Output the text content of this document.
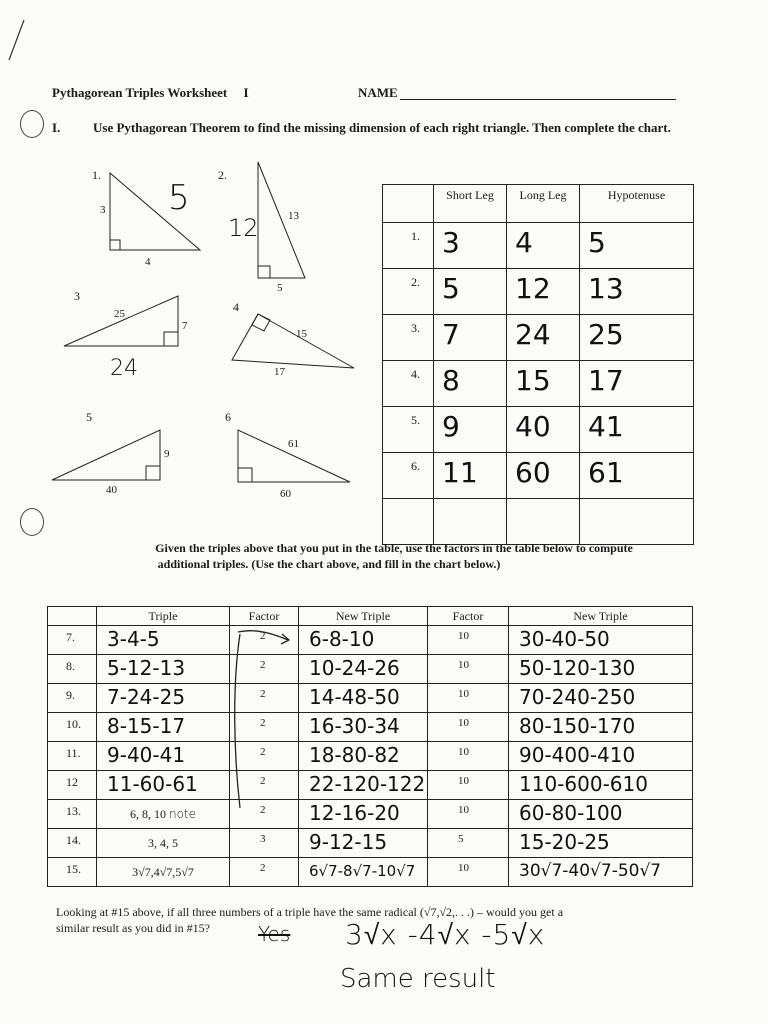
Pythagorean Triples Worksheet I	NAME
I.	Use Pythagorean Theorem to find the missing dimension of each right triangle. Then complete the chart.
1.
3
4
5
2.
13
5
12
3
25
7
24
4
15
17
5
9
40
6
61
60
	Short Leg	Long Leg	Hypotenuse
1.	3	4	5
2.	5	12	13
3.	7	24	25
4.	8	15	17
5.	9	40	41
6.	11	60	61

Given the triples above that you put in the table, use the factors in the table below to compute
additional triples. (Use the chart above, and fill in the chart below.)
	Triple	Factor	New Triple	Factor	New Triple
7.	3-4-5	2	6-8-10	10	30-40-50
8.	5-12-13	2	10-24-26	10	50-120-130
9.	7-24-25	2	14-48-50	10	70-240-250
10.	8-15-17	2	16-30-34	10	80-150-170
11.	9-40-41	2	18-80-82	10	90-400-410
12	11-60-61	2	22-120-122	10	110-600-610
13.	6, 8, 10 note	2	12-16-20	10	60-80-100
14.	3, 4, 5	3	9-12-15	5	15-20-25
15.	3√7,4√7,5√7	2	6√7-8√7-10√7	10	30√7-40√7-50√7
Looking at #15 above, if all three numbers of a triple have the same radical (√7,√2,. . .) – would you get a
similar result as you did in #15?	Yes 3√x -4√x -5√x
Same result
